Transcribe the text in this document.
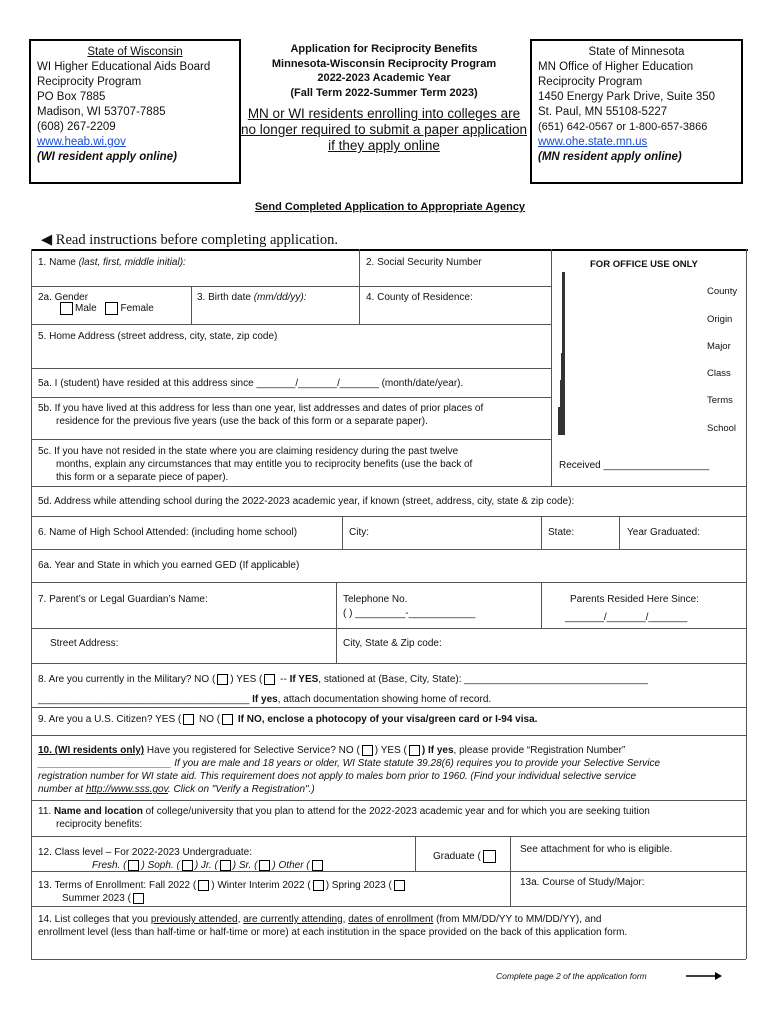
State of Wisconsin
WI Higher Educational Aids Board
Reciprocity Program
PO Box 7885
Madison, WI 53707-7885
(608) 267-2209
www.heab.wi.gov
(WI resident apply online)
Application for Reciprocity Benefits
Minnesota-Wisconsin Reciprocity Program
2022-2023 Academic Year
(Fall Term 2022-Summer Term 2023)
MN or WI residents enrolling into colleges are no longer required to submit a paper application if they apply online
State of Minnesota
MN Office of Higher Education
Reciprocity Program
1450 Energy Park Drive, Suite 350
St. Paul, MN 55108-5227
(651) 642-0567 or 1-800-657-3866
www.ohe.state.mn.us
(MN resident apply online)
Send Completed Application to Appropriate Agency
◀ Read instructions before completing application.
FOR OFFICE USE ONLY

County
Origin
Major
Class
Terms
School
Received ___________________
1. Name (last, first, middle initial):	2. Social Security Number
2a. Gender
Male Female
3. Birth date (mm/dd/yy):	4. County of Residence:
5. Home Address (street address, city, state, zip code)
5a. I (student) have resided at this address since _______/_______/_______ (month/date/year).
5b. If you have lived at this address for less than one year, list addresses and dates of prior places of
residence for the previous five years (use the back of this form or a separate paper).
5c. If you have not resided in the state where you are claiming residency during the past twelve
months, explain any circumstances that may entitle you to reciprocity benefits (use the back of
this form or a separate piece of paper).
5d. Address while attending school during the 2022-2023 academic year, if known (street, address, city, state & zip code):
6. Name of High School Attended: (including home school)	City:	State:	Year Graduated:
6a. Year and State in which you earned GED (If applicable)
7. Parent’s or Legal Guardian’s Name:	Telephone No.
( ) _________-____________
Parents Resided Here Since:
_______/_______/_______
Street Address:	City, State & Zip code:
8. Are you currently in the Military? NO ( ) YES ( -- If YES, stationed at (Base, City, State): _________________________________
______________________________________ If yes, attach documentation showing home of record.
9. Are you a U.S. Citizen? YES ( NO ( If NO, enclose a photocopy of your visa/green card or I-94 visa.
10. (WI residents only) Have you registered for Selective Service? NO ( ) YES ( ) If yes, please provide “Registration Number”
________________________ If you are male and 18 years or older, WI State statute 39.28(6) requires you to provide your Selective Service
registration number for WI state aid. This requirement does not apply to males born prior to 1960. (Find your individual selective service
number at http://www.sss.gov. Click on "Verify a Registration".)
11. Name and location of college/university that you plan to attend for the 2022-2023 academic year and for which you are seeking tuition
reciprocity benefits:
12. Class level – For 2022-2023 Undergraduate:
Fresh. ( ) Soph. ( ) Jr. ( ) Sr. ( ) Other (
Graduate (
See attachment for who is eligible.
13. Terms of Enrollment: Fall 2022 ( ) Winter Interim 2022 ( ) Spring 2023 (
Summer 2023 (
13a. Course of Study/Major:
14. List colleges that you previously attended, are currently attending, dates of enrollment (from MM/DD/YY to MM/DD/YY), and
enrollment level (less than half-time or half-time or more) at each institution in the space provided on the back of this application form.
Complete page 2 of the application form
